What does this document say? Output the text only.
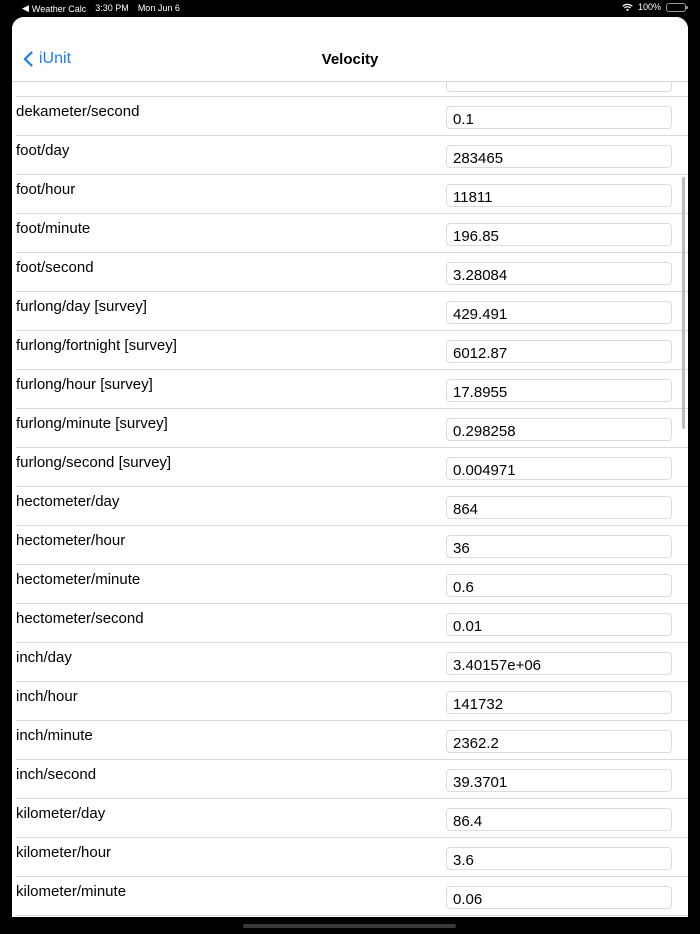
◀ Weather Calc 3:30 PM Mon Jun 6	100%
iUnit	Velocity
dekameter/second
0.1
foot/day
283465
foot/hour
11811
foot/minute
196.85
foot/second
3.28084
furlong/day [survey]
429.491
furlong/fortnight [survey]
6012.87
furlong/hour [survey]
17.8955
furlong/minute [survey]
0.298258
furlong/second [survey]
0.004971
hectometer/day
864
hectometer/hour
36
hectometer/minute
0.6
hectometer/second
0.01
inch/day
3.40157e+06
inch/hour
141732
inch/minute
2362.2
inch/second
39.3701
kilometer/day
86.4
kilometer/hour
3.6
kilometer/minute
0.06
